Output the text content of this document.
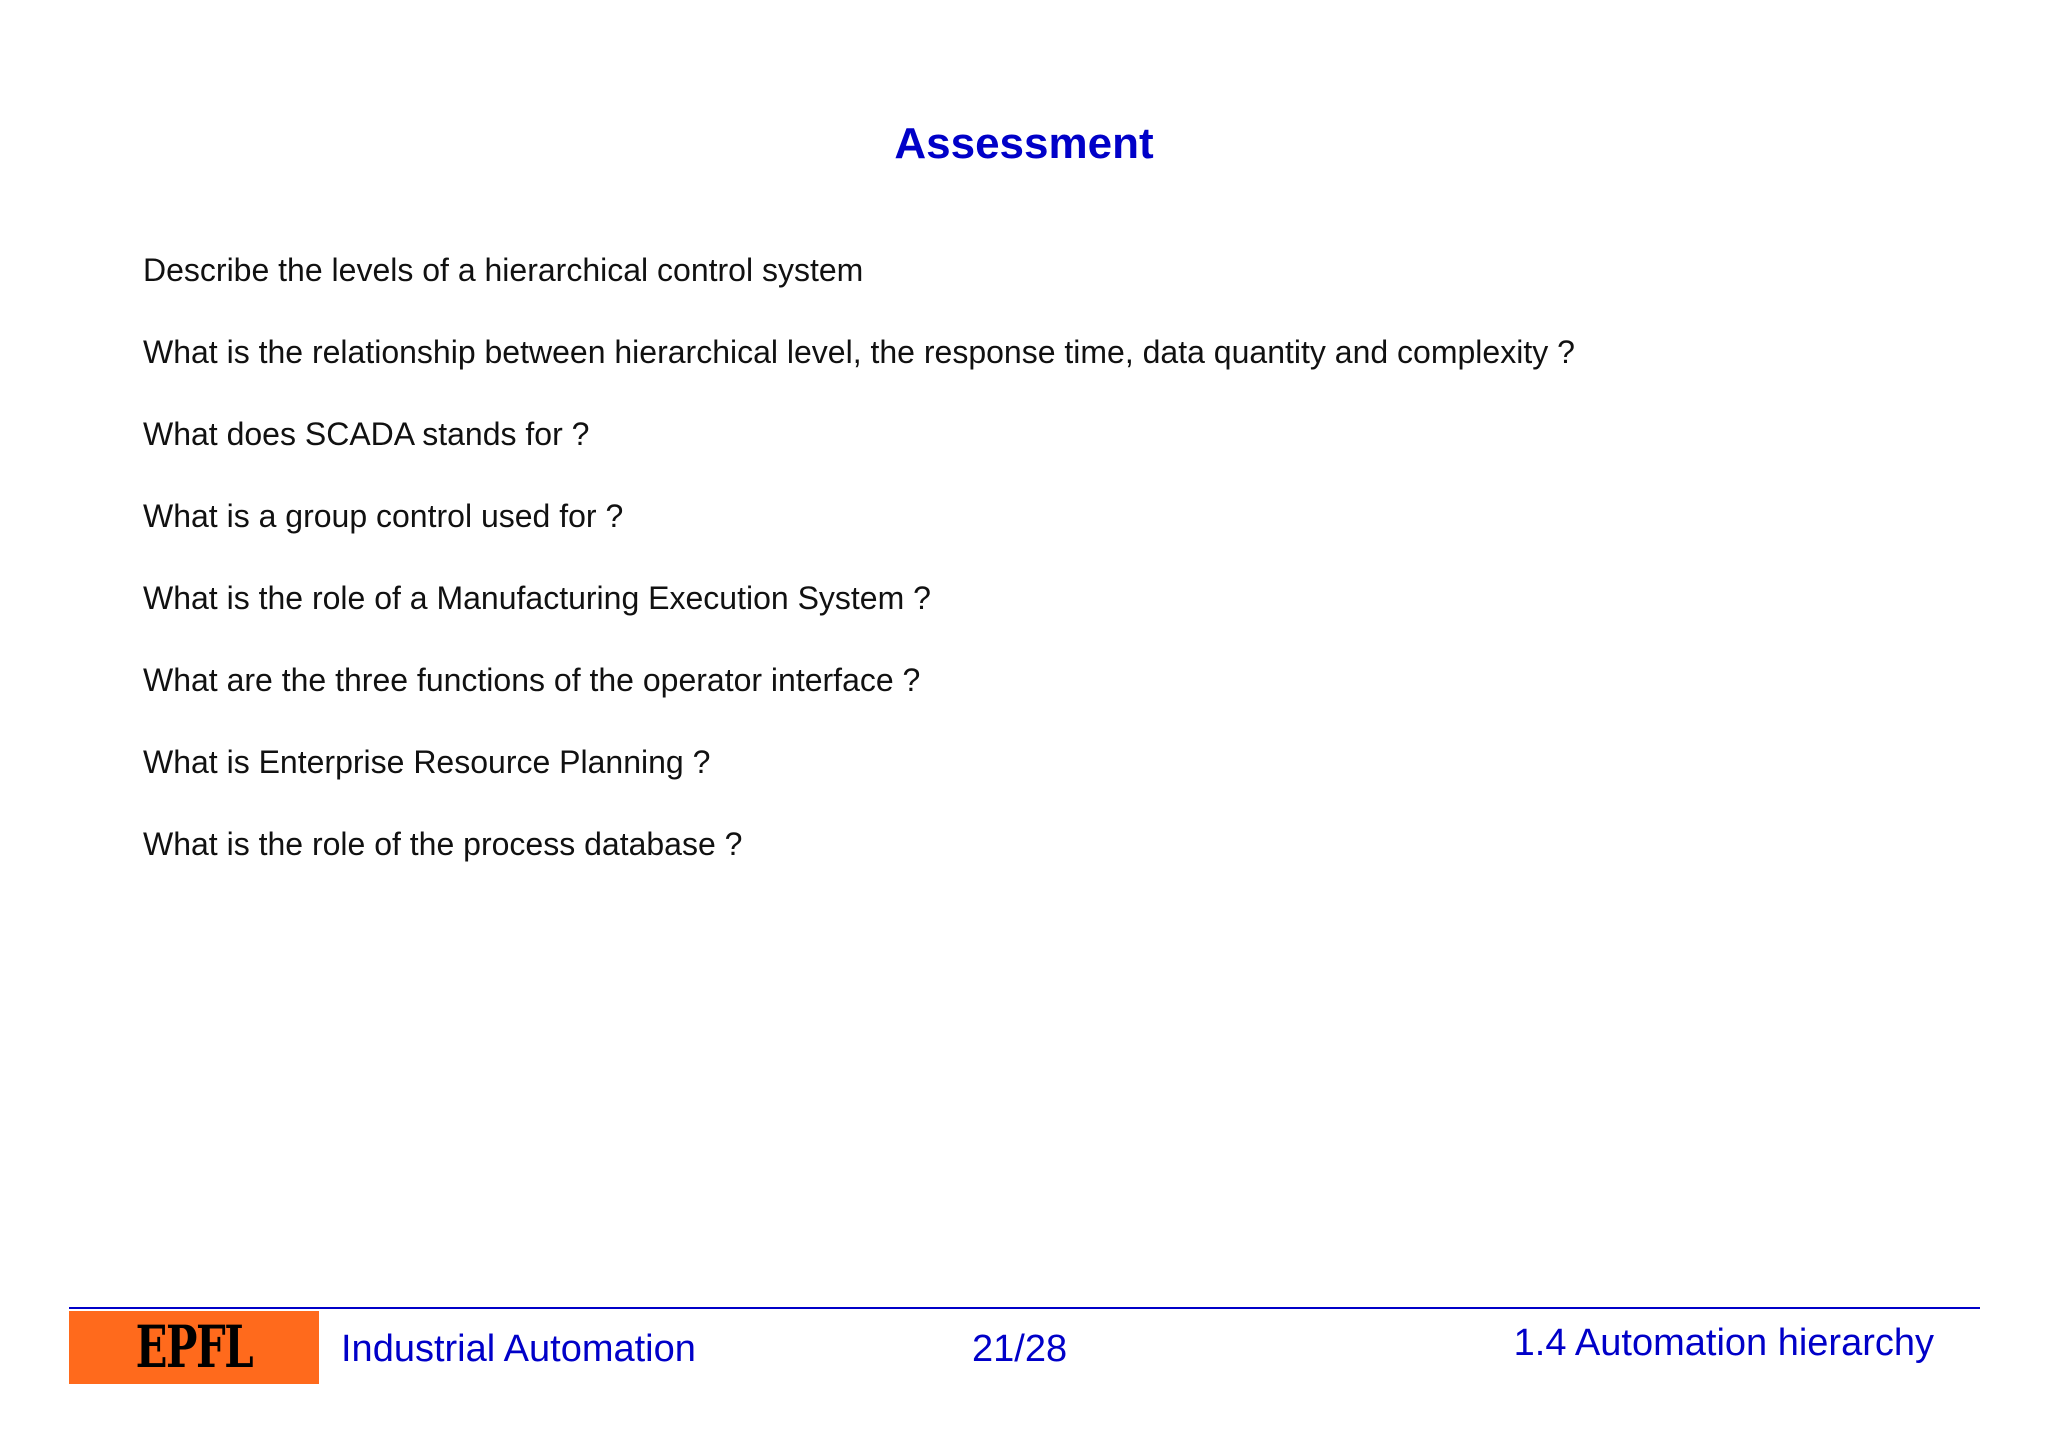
Assessment
Describe the levels of a hierarchical control system
What is the relationship between hierarchical level, the response time, data quantity and complexity ?
What does SCADA stands for ?
What is a group control used for ?
What is the role of a Manufacturing Execution System ?
What are the three functions of the operator interface ?
What is Enterprise Resource Planning ?
What is the role of the process database ?
EPFL Industrial Automation	21/28	1.4 Automation hierarchy
